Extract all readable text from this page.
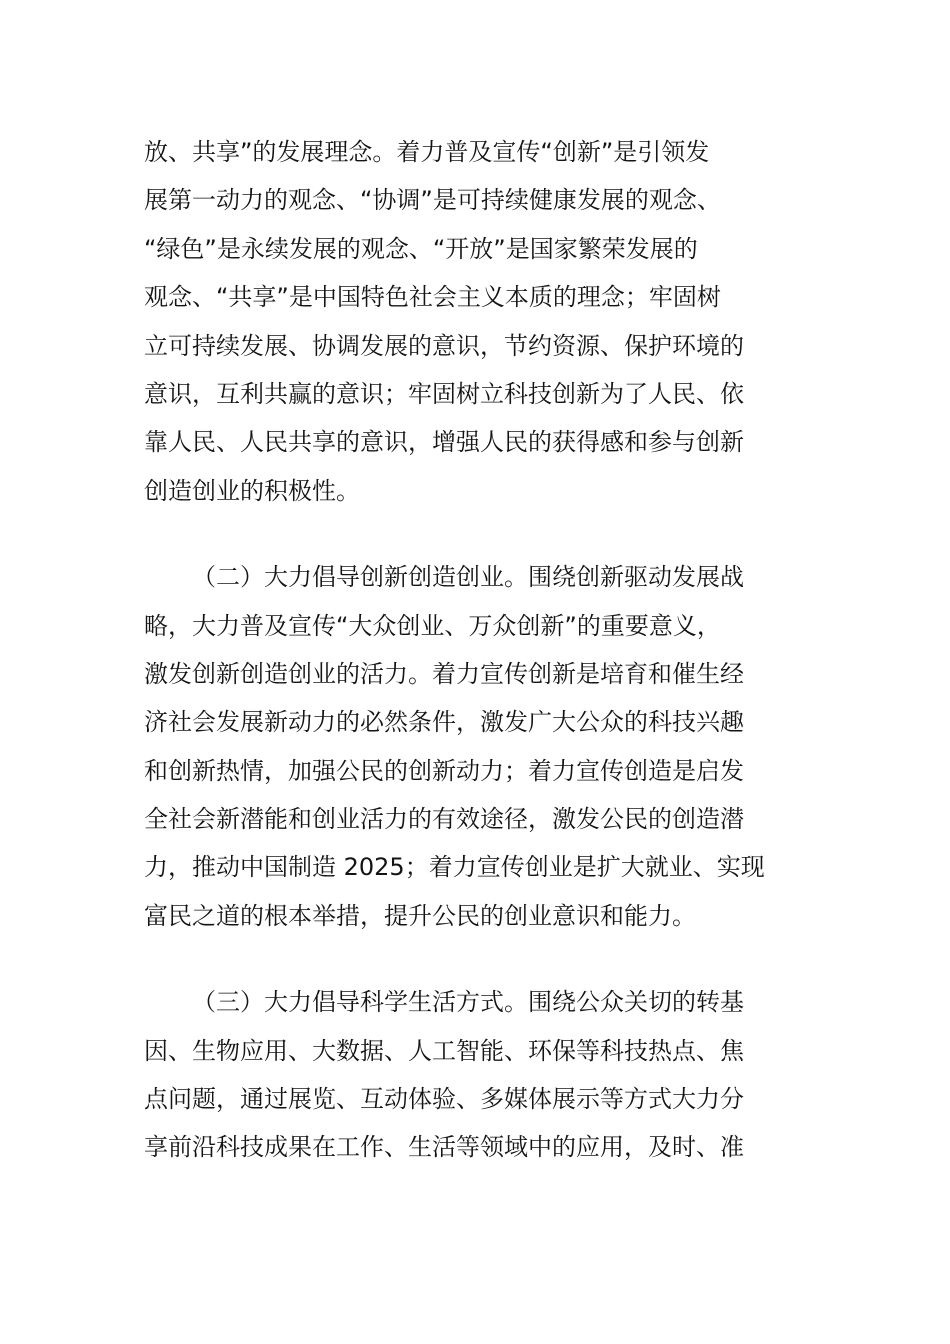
放、共享”的发展理念。着力普及宣传“创新”是引领发
展第一动力的观念、“协调”是可持续健康发展的观念、
“绿色”是永续发展的观念、“开放”是国家繁荣发展的
观念、“共享”是中国特色社会主义本质的理念；牢固树
立可持续发展、协调发展的意识，节约资源、保护环境的
意识，互利共赢的意识；牢固树立科技创新为了人民、依
靠人民、人民共享的意识，增强人民的获得感和参与创新
创造创业的积极性。
（二）大力倡导创新创造创业。围绕创新驱动发展战
略，大力普及宣传“大众创业、万众创新”的重要意义，
激发创新创造创业的活力。着力宣传创新是培育和催生经
济社会发展新动力的必然条件，激发广大公众的科技兴趣
和创新热情，加强公民的创新动力；着力宣传创造是启发
全社会新潜能和创业活力的有效途径，激发公民的创造潜
力，推动中国制造 2025；着力宣传创业是扩大就业、实现
富民之道的根本举措，提升公民的创业意识和能力。
（三）大力倡导科学生活方式。围绕公众关切的转基
因、生物应用、大数据、人工智能、环保等科技热点、焦
点问题，通过展览、互动体验、多媒体展示等方式大力分
享前沿科技成果在工作、生活等领域中的应用，及时、准
